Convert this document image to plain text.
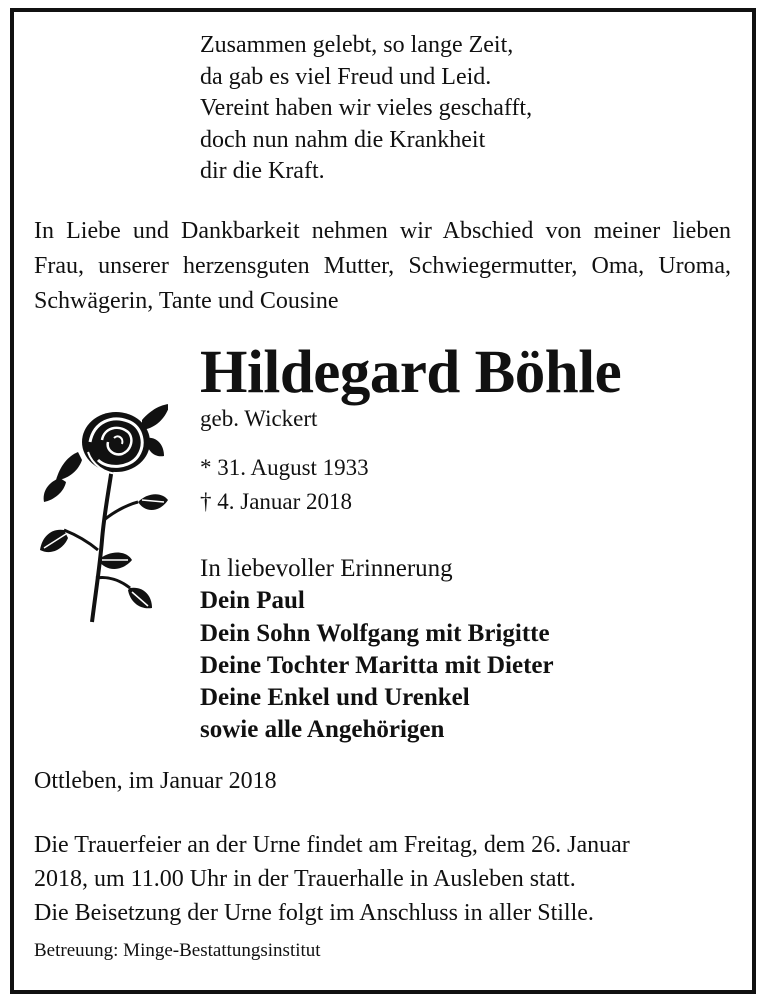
Zusammen gelebt, so lange Zeit,
da gab es viel Freud und Leid.
Vereint haben wir vieles geschafft,
doch nun nahm die Krankheit
dir die Kraft.
In Liebe und Dankbarkeit nehmen wir Abschied von meiner lieben Frau, unserer herzensguten Mutter, Schwiegermutter, Oma, Uroma, Schwägerin, Tante und Cousine
Hildegard Böhle
geb. Wickert
* 31. August 1933
† 4. Januar 2018
In liebevoller Erinnerung
Dein Paul
Dein Sohn Wolfgang mit Brigitte
Deine Tochter Maritta mit Dieter
Deine Enkel und Urenkel
sowie alle Angehörigen
Ottleben, im Januar 2018
Die Trauerfeier an der Urne findet am Freitag, dem 26. Januar
2018, um 11.00 Uhr in der Trauerhalle in Ausleben statt.
Die Beisetzung der Urne folgt im Anschluss in aller Stille.
Betreuung: Minge-Bestattungsinstitut
